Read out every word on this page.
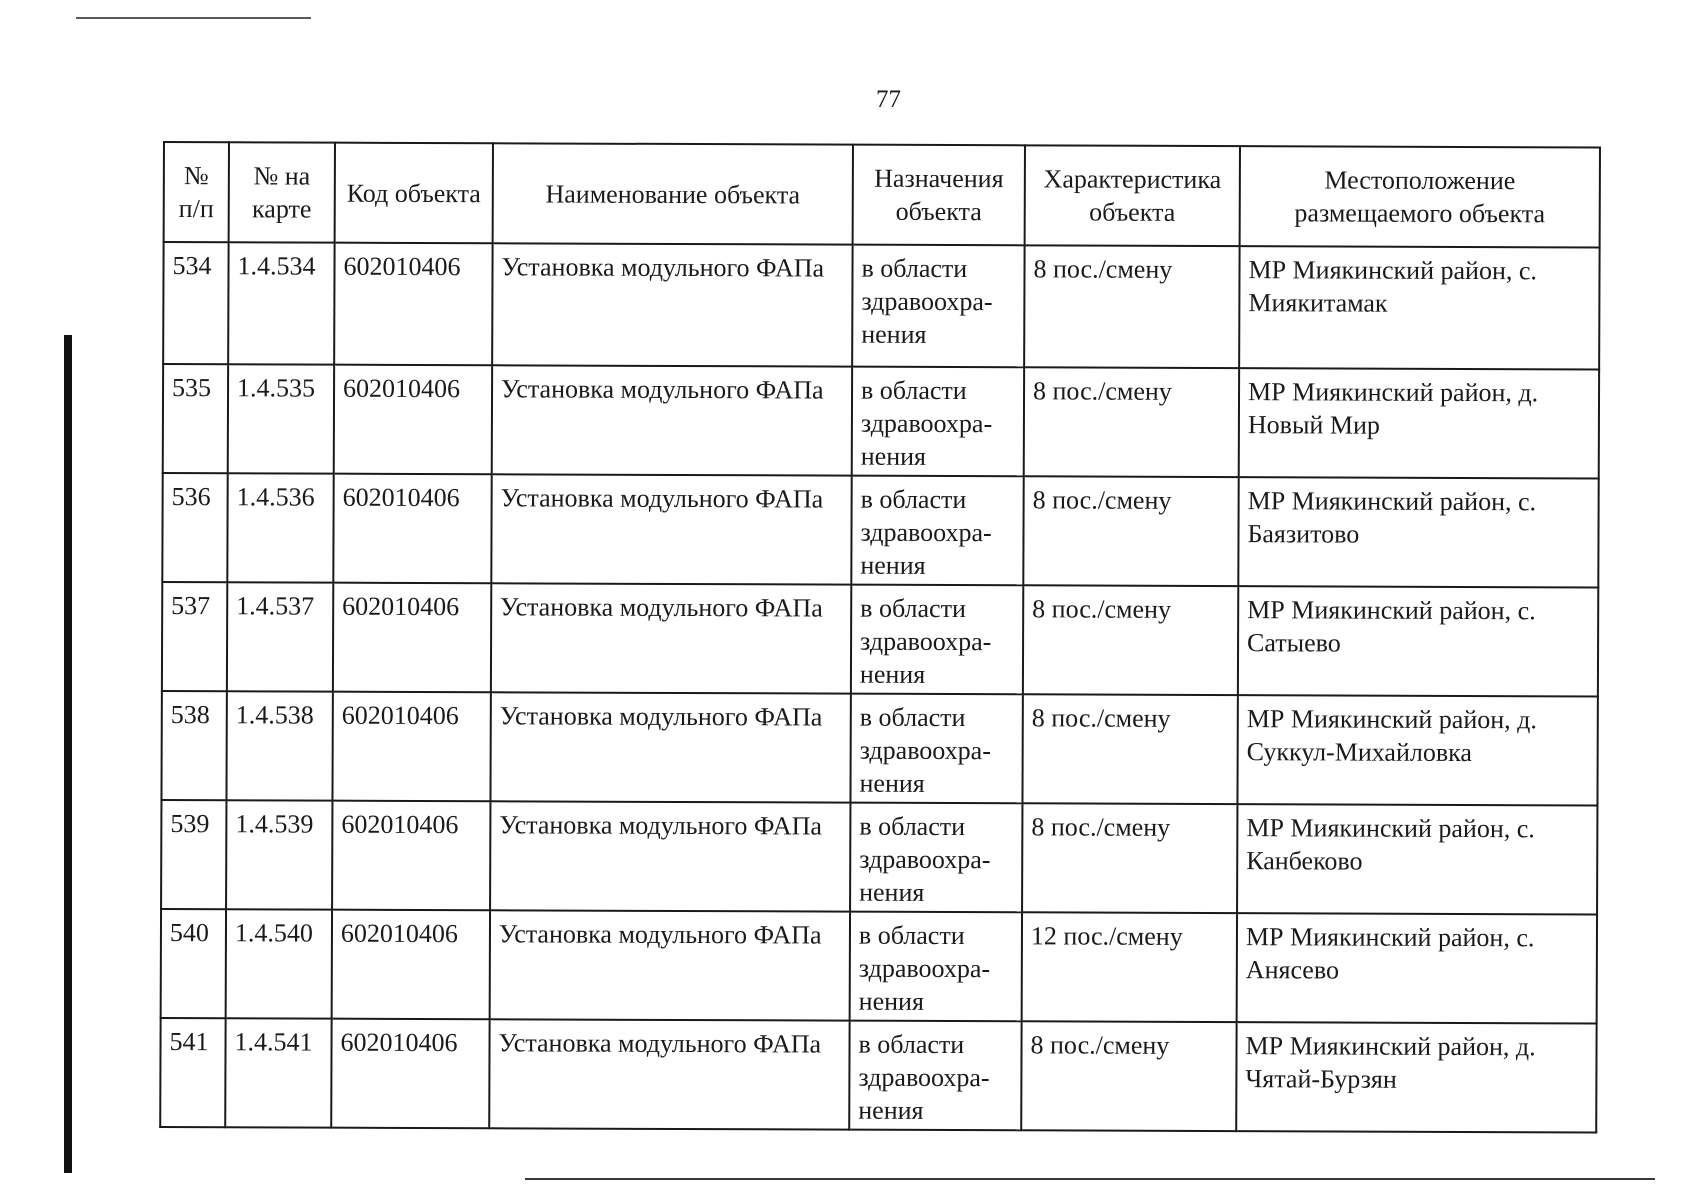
77
№ п/п	№ на карте	Код объекта	Наименование объекта	Назначения объекта	Характеристика объекта	Местоположение размещаемого объекта
534	1.4.534	602010406	Установка модульного ФАПа	в области здравоохра-нения	8 пос./смену	МР Миякинский район, с. Миякитамак
535	1.4.535	602010406	Установка модульного ФАПа	в области здравоохра-нения	8 пос./смену	МР Миякинский район, д. Новый Мир
536	1.4.536	602010406	Установка модульного ФАПа	в области здравоохра-нения	8 пос./смену	МР Миякинский район, с. Баязитово
537	1.4.537	602010406	Установка модульного ФАПа	в области здравоохра-нения	8 пос./смену	МР Миякинский район, с. Сатыево
538	1.4.538	602010406	Установка модульного ФАПа	в области здравоохра-нения	8 пос./смену	МР Миякинский район, д. Суккул-Михайловка
539	1.4.539	602010406	Установка модульного ФАПа	в области здравоохра-нения	8 пос./смену	МР Миякинский район, с. Канбеково
540	1.4.540	602010406	Установка модульного ФАПа	в области здравоохра-нения	12 пос./смену	МР Миякинский район, с. Анясево
541	1.4.541	602010406	Установка модульного ФАПа	в области здравоохра-нения	8 пос./смену	МР Миякинский район, д. Чятай-Бурзян
